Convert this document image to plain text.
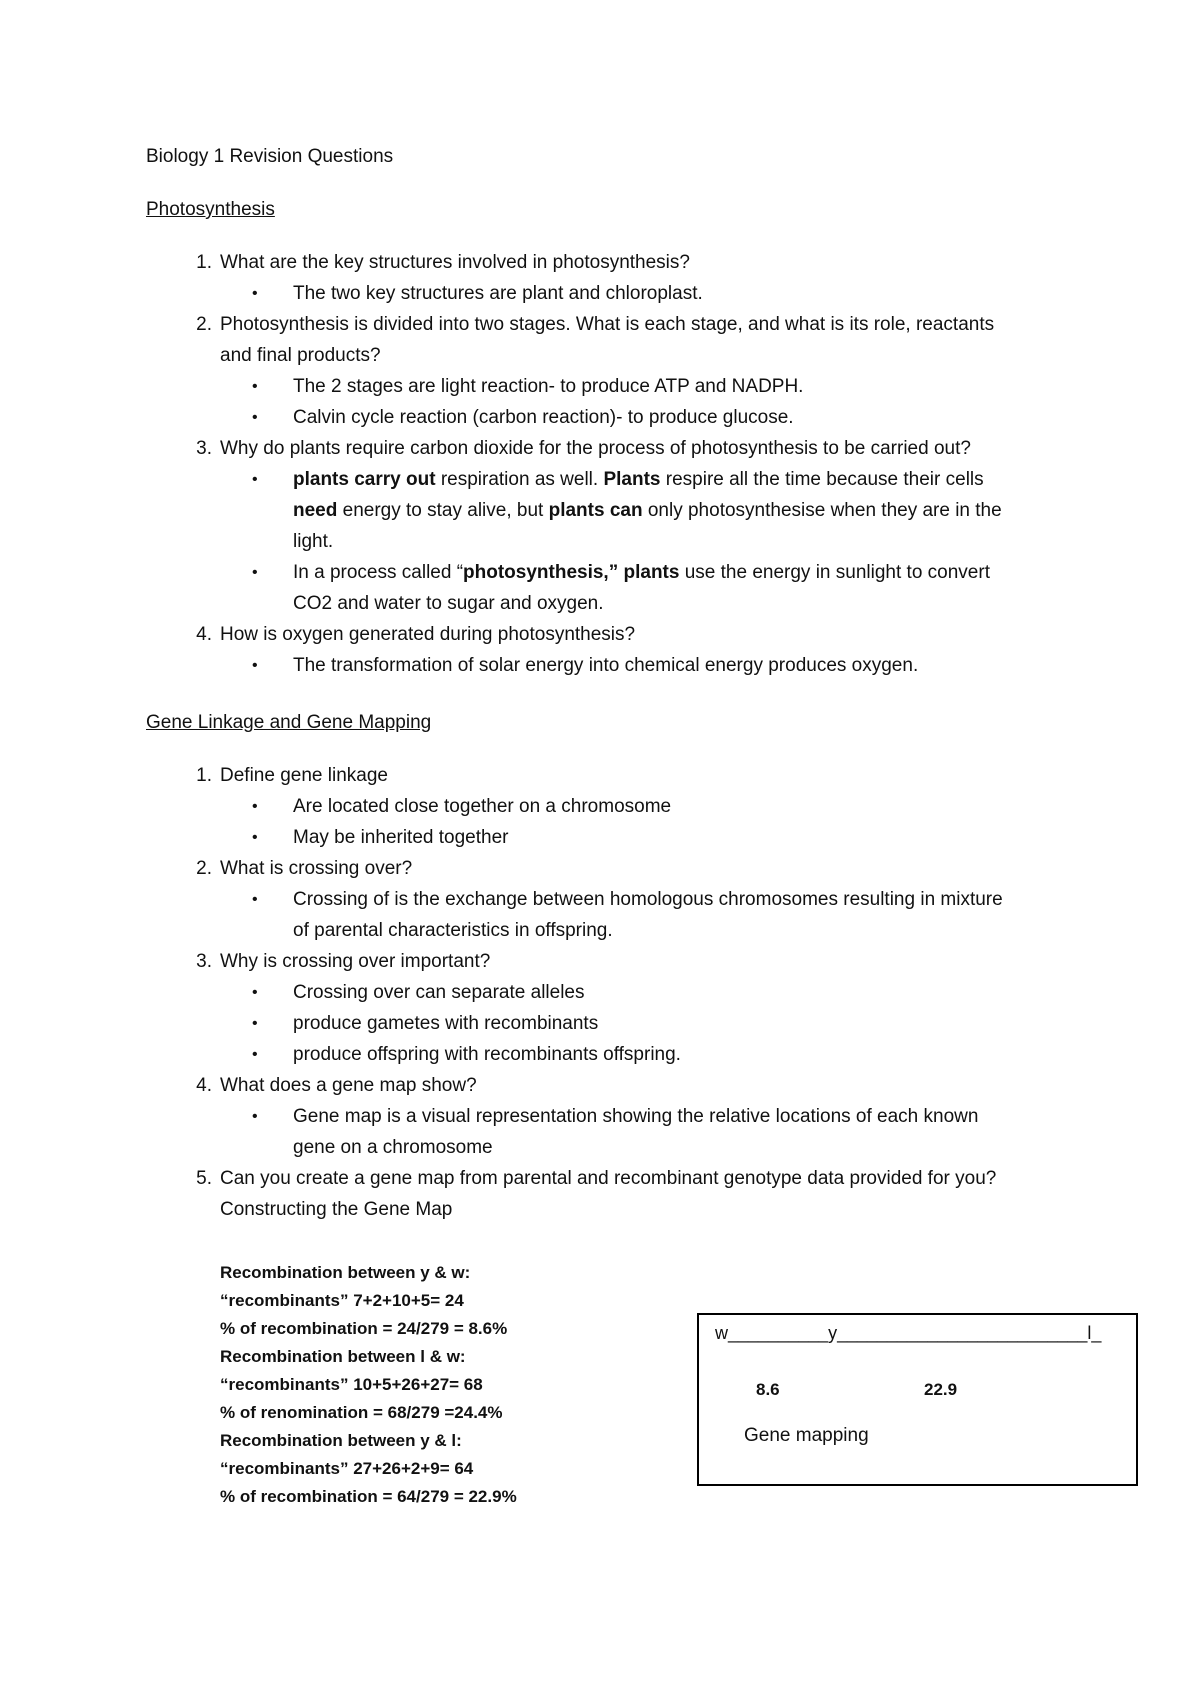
Biology 1 Revision Questions
Photosynthesis
1. What are the key structures involved in photosynthesis?
• The two key structures are plant and chloroplast.
2. Photosynthesis is divided into two stages. What is each stage, and what is its role, reactants
and final products?
• The 2 stages are light reaction- to produce ATP and NADPH.
• Calvin cycle reaction (carbon reaction)- to produce glucose.
3. Why do plants require carbon dioxide for the process of photosynthesis to be carried out?
• plants carry out respiration as well. Plants respire all the time because their cells
need energy to stay alive, but plants can only photosynthesise when they are in the
light.
• In a process called “photosynthesis,” plants use the energy in sunlight to convert
CO2 and water to sugar and oxygen.
4. How is oxygen generated during photosynthesis?
• The transformation of solar energy into chemical energy produces oxygen.
Gene Linkage and Gene Mapping
1. Define gene linkage
• Are located close together on a chromosome
• May be inherited together
2. What is crossing over?
• Crossing of is the exchange between homologous chromosomes resulting in mixture
of parental characteristics in offspring.
3. Why is crossing over important?
• Crossing over can separate alleles
• produce gametes with recombinants
• produce offspring with recombinants offspring.
4. What does a gene map show?
• Gene map is a visual representation showing the relative locations of each known
gene on a chromosome
5. Can you create a gene map from parental and recombinant genotype data provided for you?
Constructing the Gene Map
Recombination between y & w:
“recombinants” 7+2+10+5= 24
% of recombination = 24/279 = 8.6%
Recombination between l & w:
“recombinants” 10+5+26+27= 68
% of renomination = 68/279 =24.4%
Recombination between y & l:
“recombinants” 27+26+2+9= 64
% of recombination = 64/279 = 22.9%
w__________y_________________________l_
8.6	22.9
Gene mapping
